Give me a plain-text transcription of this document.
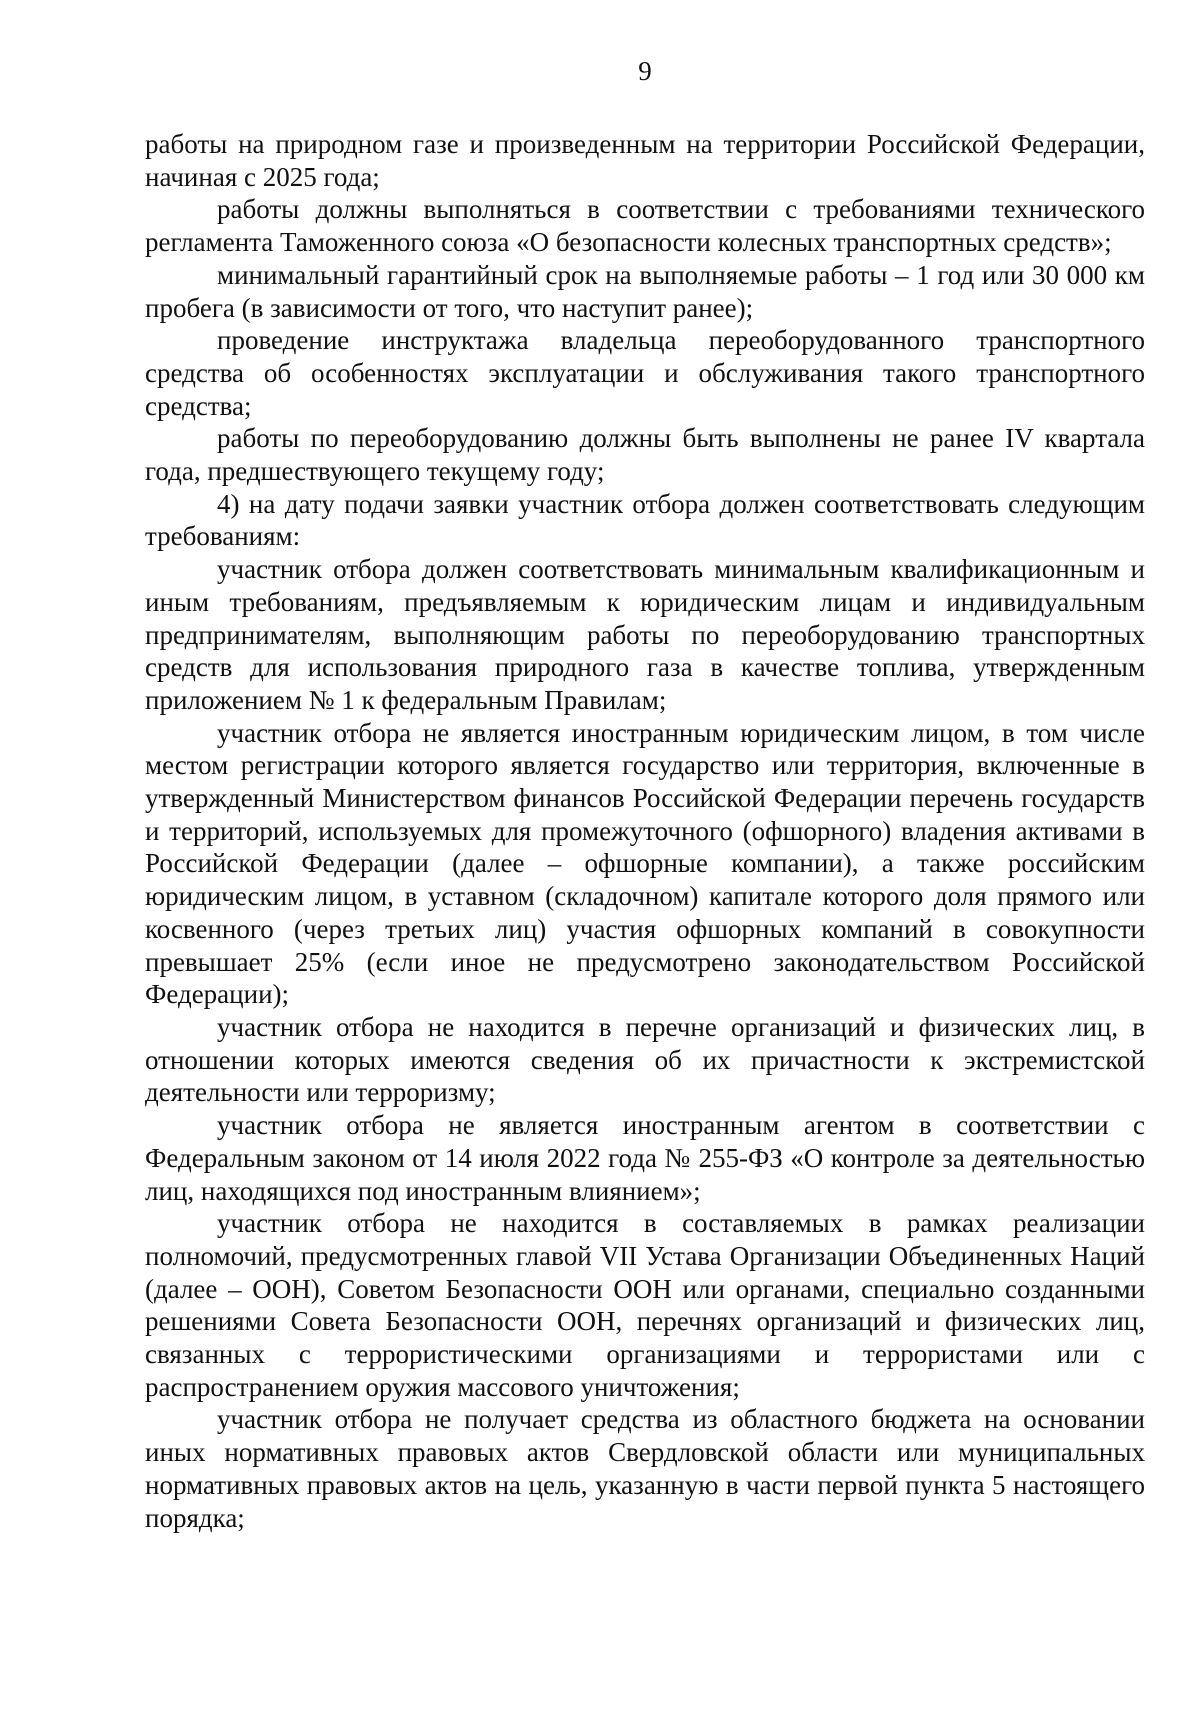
9

работы на природном газе и произведенным на территории Российской Федерации, начиная с 2025 года;

работы должны выполняться в соответствии с требованиями технического регламента Таможенного союза «О безопасности колесных транспортных средств»;

минимальный гарантийный срок на выполняемые работы – 1 год или 30 000 км пробега (в зависимости от того, что наступит ранее);

проведение инструктажа владельца переоборудованного транспортного средства об особенностях эксплуатации и обслуживания такого транспортного средства;

работы по переоборудованию должны быть выполнены не ранее IV квартала года, предшествующего текущему году;

4) на дату подачи заявки участник отбора должен соответствовать следующим требованиям:

участник отбора должен соответствовать минимальным квалификационным и иным требованиям, предъявляемым к юридическим лицам и индивидуальным предпринимателям, выполняющим работы по переоборудованию транспортных средств для использования природного газа в качестве топлива, утвержденным приложением № 1 к федеральным Правилам;

участник отбора не является иностранным юридическим лицом, в том числе местом регистрации которого является государство или территория, включенные в утвержденный Министерством финансов Российской Федерации перечень государств и территорий, используемых для промежуточного (офшорного) владения активами в Российской Федерации (далее – офшорные компании), а также российским юридическим лицом, в уставном (складочном) капитале которого доля прямого или косвенного (через третьих лиц) участия офшорных компаний в совокупности превышает 25% (если иное не предусмотрено законодательством Российской Федерации);

участник отбора не находится в перечне организаций и физических лиц, в отношении которых имеются сведения об их причастности к экстремистской деятельности или терроризму;

участник отбора не является иностранным агентом в соответствии с Федеральным законом от 14 июля 2022 года № 255-ФЗ «О контроле за деятельностью лиц, находящихся под иностранным влиянием»;

участник отбора не находится в составляемых в рамках реализации полномочий, предусмотренных главой VII Устава Организации Объединенных Наций (далее – ООН), Советом Безопасности ООН или органами, специально созданными решениями Совета Безопасности ООН, перечнях организаций и физических лиц, связанных с террористическими организациями и террористами или с распространением оружия массового уничтожения;

участник отбора не получает средства из областного бюджета на основании иных нормативных правовых актов Свердловской области или муниципальных нормативных правовых актов на цель, указанную в части первой пункта 5 настоящего порядка;
